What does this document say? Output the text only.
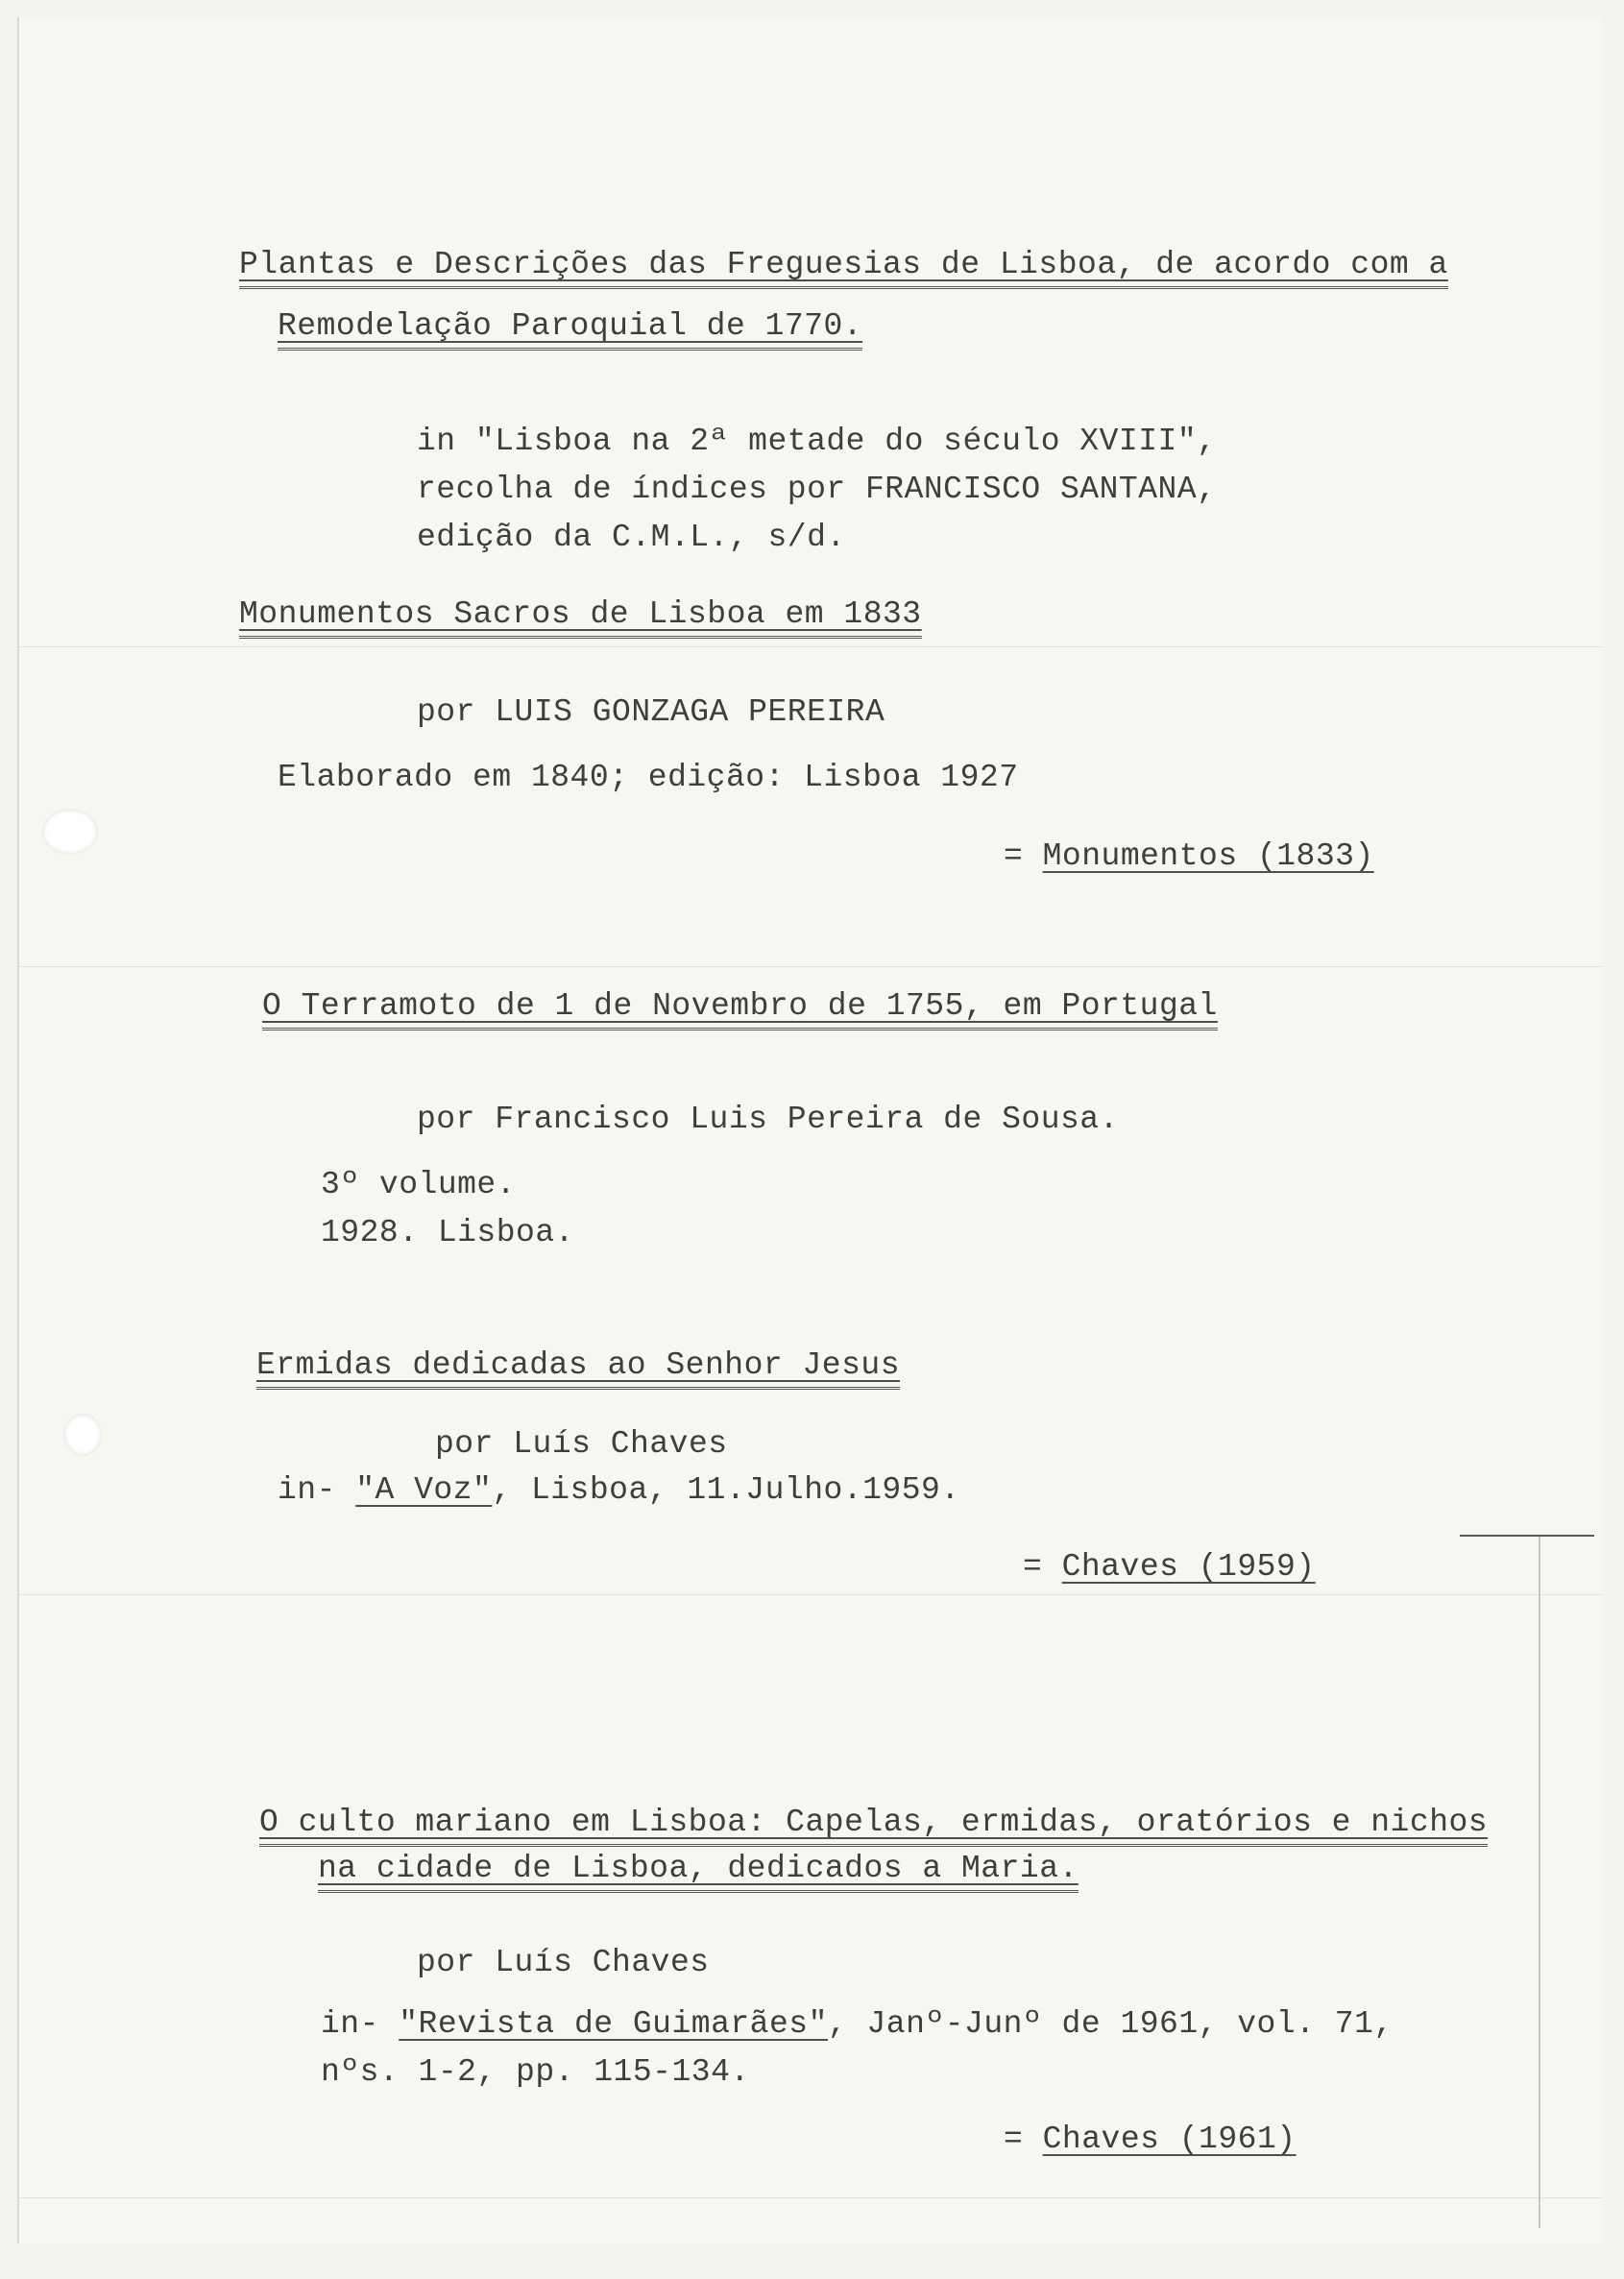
Plantas e Descrições das Freguesias de Lisboa, de acordo com a
Remodelação Paroquial de 1770.
in "Lisboa na 2ª metade do século XVIII",
recolha de índices por FRANCISCO SANTANA,
edição da C.M.L., s/d.
Monumentos Sacros de Lisboa em 1833
por LUIS GONZAGA PEREIRA
Elaborado em 1840; edição: Lisboa 1927
= Monumentos (1833)
O Terramoto de 1 de Novembro de 1755, em Portugal
por Francisco Luis Pereira de Sousa.
3º volume.
1928. Lisboa.
Ermidas dedicadas ao Senhor Jesus
por Luís Chaves
in- "A Voz", Lisboa, 11.Julho.1959.
= Chaves (1959)
O culto mariano em Lisboa: Capelas, ermidas, oratórios e nichos
na cidade de Lisboa, dedicados a Maria.
por Luís Chaves
in- "Revista de Guimarães", Janº-Junº de 1961, vol. 71,
nºs. 1-2, pp. 115-134.
= Chaves (1961)
